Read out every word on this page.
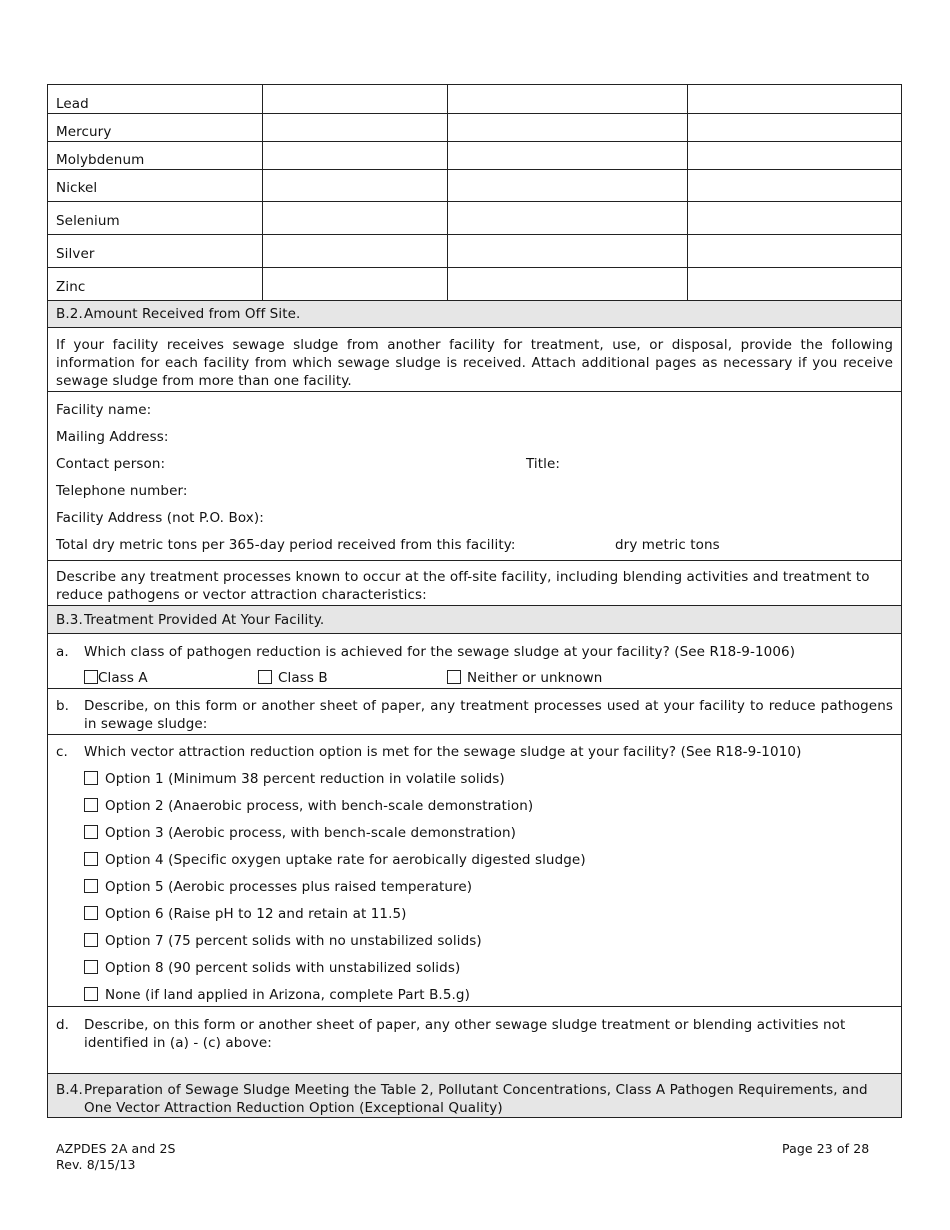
Lead
Mercury
Molybdenum
Nickel
Selenium
Silver
Zinc
B.2. Amount Received from Off Site.
If your facility receives sewage sludge from another facility for treatment, use, or disposal, provide the following information for each facility from which sewage sludge is received. Attach additional pages as necessary if you receive sewage sludge from more than one facility.
Facility name:
Mailing Address:
Contact person:	Title:
Telephone number:
Facility Address (not P.O. Box):
Total dry metric tons per 365-day period received from this facility:	dry metric tons
Describe any treatment processes known to occur at the off-site facility, including blending activities and treatment to reduce pathogens or vector attraction characteristics:
B.3. Treatment Provided At Your Facility.
a.	Which class of pathogen reduction is achieved for the sewage sludge at your facility? (See R18-9-1006)
Class A	Class B	Neither or unknown
b.	Describe, on this form or another sheet of paper, any treatment processes used at your facility to reduce pathogens in sewage sludge:
c.	Which vector attraction reduction option is met for the sewage sludge at your facility? (See R18-9-1010)
Option 1 (Minimum 38 percent reduction in volatile solids)
Option 2 (Anaerobic process, with bench-scale demonstration)
Option 3 (Aerobic process, with bench-scale demonstration)
Option 4 (Specific oxygen uptake rate for aerobically digested sludge)
Option 5 (Aerobic processes plus raised temperature)
Option 6 (Raise pH to 12 and retain at 11.5)
Option 7 (75 percent solids with no unstabilized solids)
Option 8 (90 percent solids with unstabilized solids)
None (if land applied in Arizona, complete Part B.5.g)
d.	Describe, on this form or another sheet of paper, any other sewage sludge treatment or blending activities not identified in (a) - (c) above:
B.4. Preparation of Sewage Sludge Meeting the Table 2, Pollutant Concentrations, Class A Pathogen Requirements, and One Vector Attraction Reduction Option (Exceptional Quality)
AZPDES 2A and 2S
Rev. 8/15/13
Page 23 of 28
